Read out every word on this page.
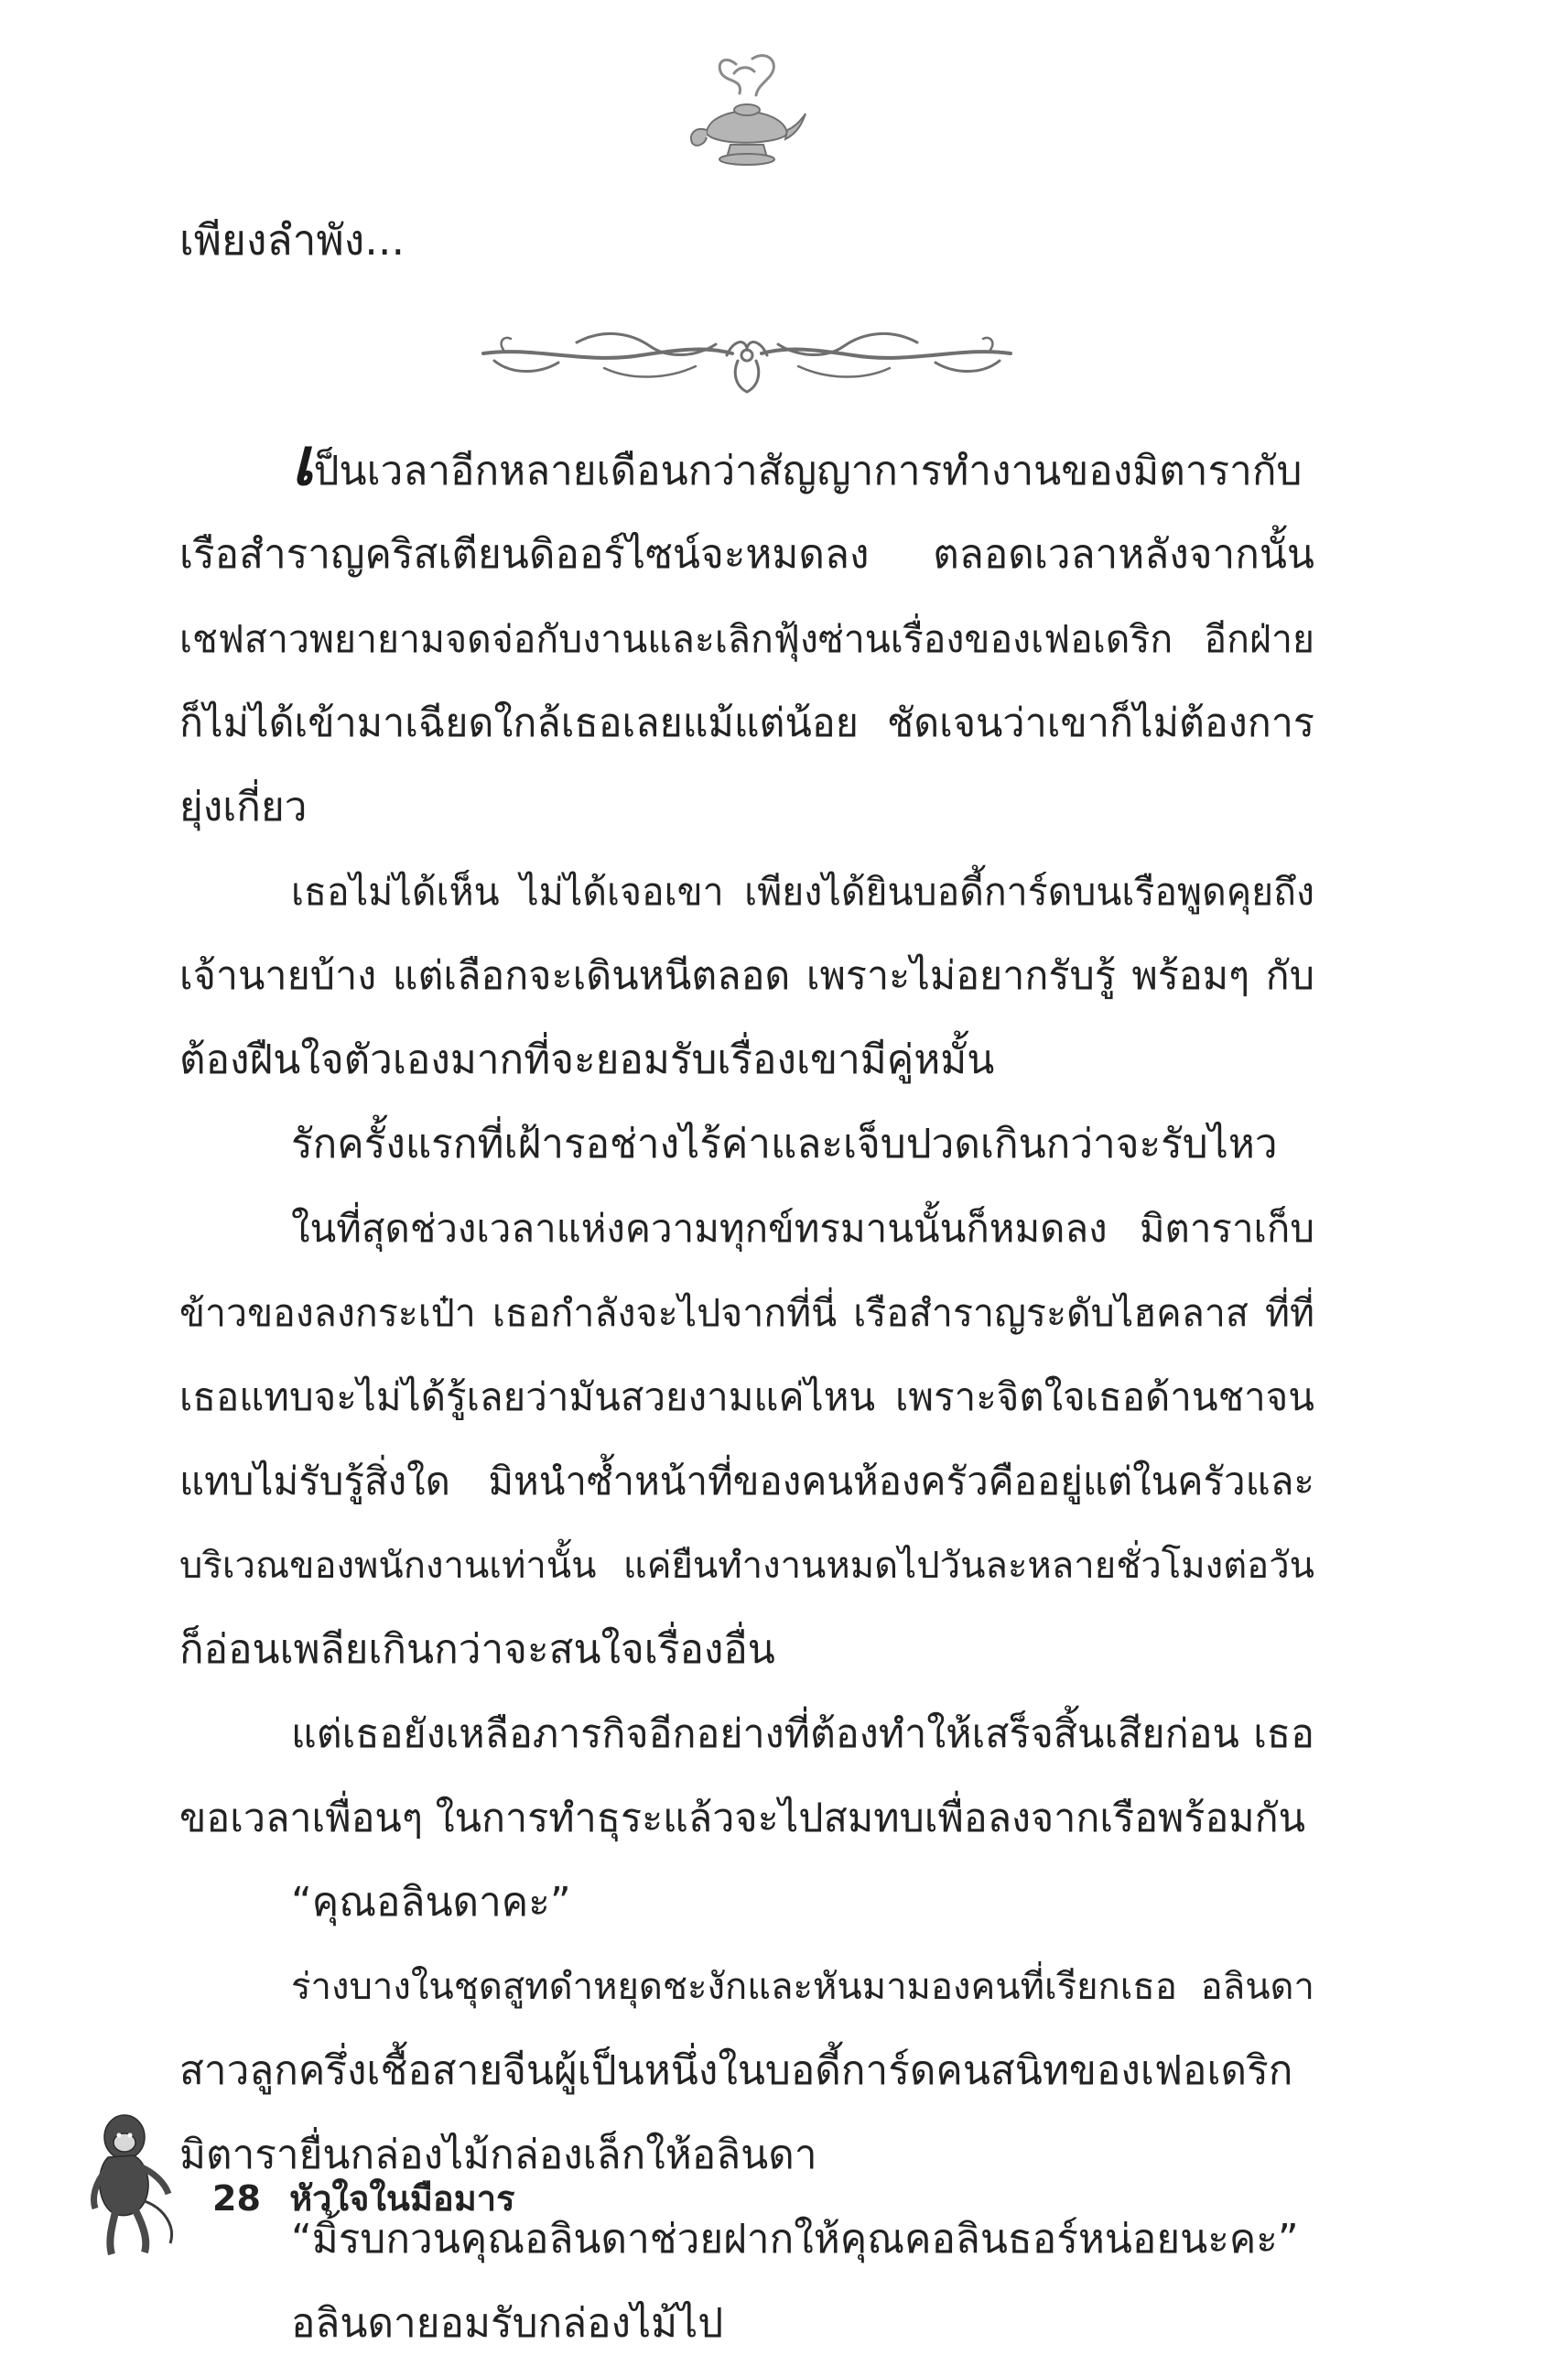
เพียงลำพัง...
เป็นเวลาอีกหลายเดือนกว่าสัญญาการทำงานของมิตารากับ
เรือสำราญคริสเตียนดิออร์ไซน์จะหมดลง ตลอดเวลาหลังจากนั้น
เชฟสาวพยายามจดจ่อกับงานและเลิกฟุ้งซ่านเรื่องของเฟอเดริก อีกฝ่าย
ก็ไม่ได้เข้ามาเฉียดใกล้เธอเลยแม้แต่น้อย ชัดเจนว่าเขาก็ไม่ต้องการ
ยุ่งเกี่ยว
เธอไม่ได้เห็น ไม่ได้เจอเขา เพียงได้ยินบอดี้การ์ดบนเรือพูดคุยถึง
เจ้านายบ้าง แต่เลือกจะเดินหนีตลอด เพราะไม่อยากรับรู้ พร้อมๆ กับ
ต้องฝืนใจตัวเองมากที่จะยอมรับเรื่องเขามีคู่หมั้น
รักครั้งแรกที่เฝ้ารอช่างไร้ค่าและเจ็บปวดเกินกว่าจะรับไหว
ในที่สุดช่วงเวลาแห่งความทุกข์ทรมานนั้นก็หมดลง มิตาราเก็บ
ข้าวของลงกระเป๋า เธอกำลังจะไปจากที่นี่ เรือสำราญระดับไฮคลาส ที่ที่
เธอแทบจะไม่ได้รู้เลยว่ามันสวยงามแค่ไหน เพราะจิตใจเธอด้านชาจน
แทบไม่รับรู้สิ่งใด มิหนำซ้ำหน้าที่ของคนห้องครัวคืออยู่แต่ในครัวและ
บริเวณของพนักงานเท่านั้น แค่ยืนทำงานหมดไปวันละหลายชั่วโมงต่อวัน
ก็อ่อนเพลียเกินกว่าจะสนใจเรื่องอื่น
แต่เธอยังเหลือภารกิจอีกอย่างที่ต้องทำให้เสร็จสิ้นเสียก่อน เธอ
ขอเวลาเพื่อนๆ ในการทำธุระแล้วจะไปสมทบเพื่อลงจากเรือพร้อมกัน
“คุณอลินดาคะ”
ร่างบางในชุดสูทดำหยุดชะงักและหันมามองคนที่เรียกเธอ อลินดา
สาวลูกครึ่งเชื้อสายจีนผู้เป็นหนึ่งในบอดี้การ์ดคนสนิทของเฟอเดริก
มิตารายื่นกล่องไม้กล่องเล็กให้อลินดา
“มิ้รบกวนคุณอลินดาช่วยฝากให้คุณคอลินธอร์หน่อยนะคะ”
อลินดายอมรับกล่องไม้ไป
28 หัวใจในมือมาร
